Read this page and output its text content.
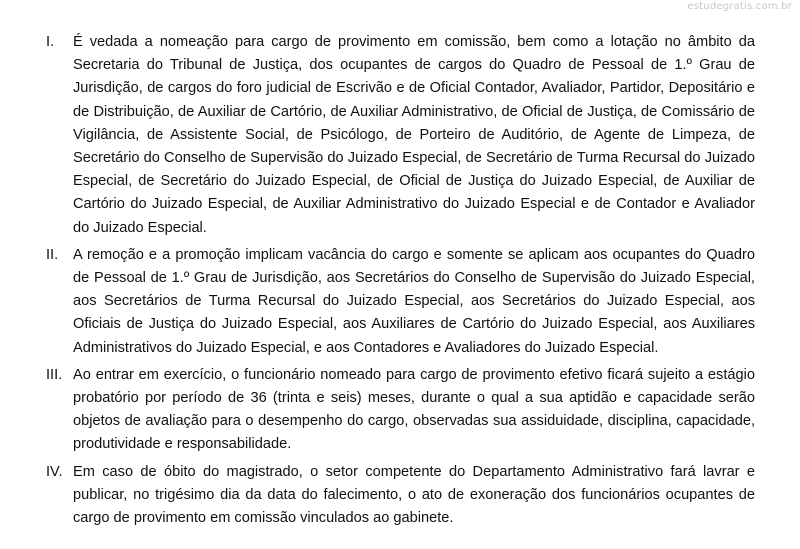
estudegratis.com.br
I.	É vedada a nomeação para cargo de provimento em comissão, bem como a lotação no âmbito da Secretaria do Tribunal de Justiça, dos ocupantes de cargos do Quadro de Pessoal de 1.º Grau de Jurisdição, de cargos do foro judicial de Escrivão e de Oficial Contador, Avaliador, Partidor, Depositário e de Distribuição, de Auxiliar de Cartório, de Auxiliar Administrativo, de Oficial de Justiça, de Comissário de Vigilância, de Assistente Social, de Psicólogo, de Porteiro de Auditório, de Agente de Limpeza, de Secretário do Conselho de Supervisão do Juizado Especial, de Secretário de Turma Recursal do Juizado Especial, de Secretário do Juizado Especial, de Oficial de Justiça do Juizado Especial, de Auxiliar de Cartório do Juizado Especial, de Auxiliar Administrativo do Juizado Especial e de Contador e Avaliador do Juizado Especial.
II.	A remoção e a promoção implicam vacância do cargo e somente se aplicam aos ocupantes do Quadro de Pessoal de 1.º Grau de Jurisdição, aos Secretários do Conselho de Supervisão do Juizado Especial, aos Secretários de Turma Recursal do Juizado Especial, aos Secretários do Juizado Especial, aos Oficiais de Justiça do Juizado Especial, aos Auxiliares de Cartório do Juizado Especial, aos Auxiliares Administrativos do Juizado Especial, e aos Contadores e Avaliadores do Juizado Especial.
III. Ao entrar em exercício, o funcionário nomeado para cargo de provimento efetivo ficará sujeito a estágio probatório por período de 36 (trinta e seis) meses, durante o qual a sua aptidão e capacidade serão objetos de avaliação para o desempenho do cargo, observadas sua assiduidade, disciplina, capacidade, produtividade e responsabilidade.
IV. Em caso de óbito do magistrado, o setor competente do Departamento Administrativo fará lavrar e publicar, no trigésimo dia da data do falecimento, o ato de exoneração dos funcionários ocupantes de cargo de provimento em comissão vinculados ao gabinete.
